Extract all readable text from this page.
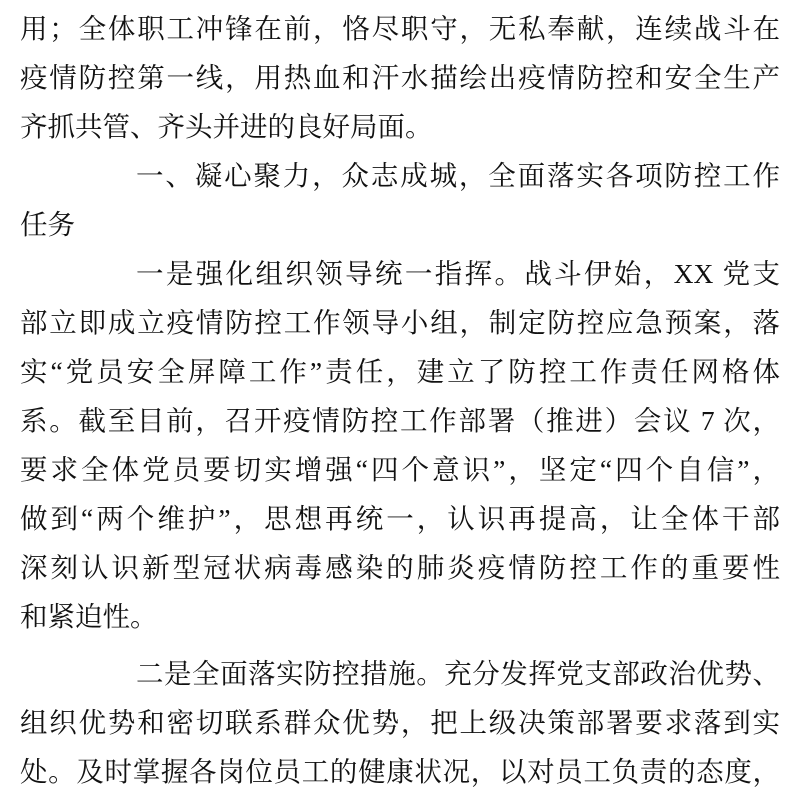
用；全体职工冲锋在前，恪尽职守，无私奉献，连续战斗在
疫情防控第一线，用热血和汗水描绘出疫情防控和安全生产
齐抓共管、齐头并进的良好局面。
一、凝心聚力，众志成城，全面落实各项防控工作
任务
一是强化组织领导统一指挥。战斗伊始，XX 党支
部立即成立疫情防控工作领导小组，制定防控应急预案，落
实“党员安全屏障工作”责任，建立了防控工作责任网格体
系。截至目前，召开疫情防控工作部署（推进）会议 7 次，
要求全体党员要切实增强“四个意识”，坚定“四个自信”，
做到“两个维护”，思想再统一，认识再提高，让全体干部
深刻认识新型冠状病毒感染的肺炎疫情防控工作的重要性
和紧迫性。
二是全面落实防控措施。充分发挥党支部政治优势、
组织优势和密切联系群众优势，把上级决策部署要求落到实
处。及时掌握各岗位员工的健康状况，以对员工负责的态度，
